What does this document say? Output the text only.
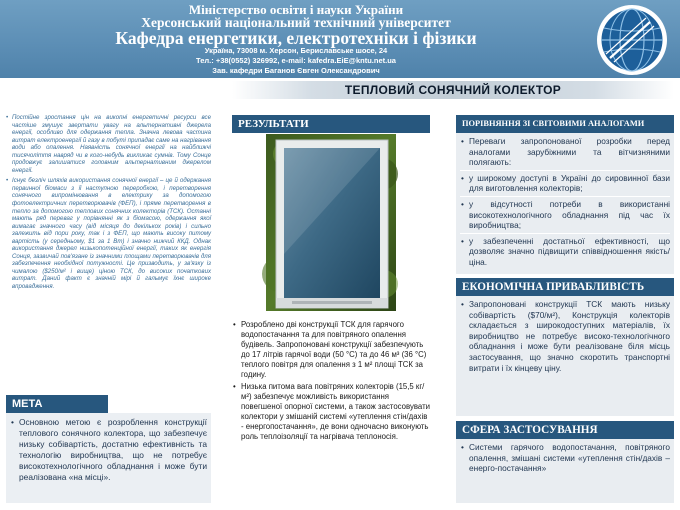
Міністерство освіти і науки України
Херсонський національний технічний університет
Кафедра енергетики, електротехніки і фізики
Україна, 73008 м. Херсон, Бериславське шосе, 24
Тел.: +38(0552) 326992, e-mail: kafedra.EiE@kntu.net.ua
Зав. кафедри Баганов Євген Олександрович
ТЕПЛОВИЙ СОНЯЧНИЙ КОЛЕКТОР
• Постійне зростання цін на викопні енергетичні ресурси все частіше змушує звертати увагу на альтернативні джерела енергії, особливо для одержання тепла. Значна левова частина витрат електроенергії й газу в побуті припадає саме на нагрівання води або опалення. Наявність сонячної енергії на найближчі тисячоліття навряд чи в кого-небудь викликає сумнів. Тому Сонце продовжує залишатися головним альтернативним джерелом енергії.
• Існує безліч шляхів використання сонячної енергії – це й одержання первинної біомаси з її наступною переробкою, і перетворення сонячного випромінювання в електрику за допомогою фотоелектричних перетворювачів (ФЕП), і пряме перетворення в тепло за допомогою теплових сонячних колекторів (ТСК). Останні мають ряд переваг у порівнянні як з біомасою, одержання якої вимагає значного часу (від місяця до декількох років) і сильно залежить від пори року, так і з ФЕП, що мають високу питому вартість (у середньому, $1 за 1 Вт) і значно нижчий ККД. Однак використання джерел низькопотенційної енергії, таких як енергія Сонця, зазвичай пов'язане із значними площами перетворювачів для забезпечення необхідної потужності. Це призводить, у зв'язку із чималою ($250/м² і вище) ціною ТСК, до високих початкових витрат. Даний факт є значній мірі й гальмує їхнє широке впровадження.
МЕТА
• Основною метою є розроблення конструкції теплового сонячного колектора, що забезпечує низьку собівартість, достатню ефективність та технологію виробництва, що не потребує високотехнологічного обладнання і може бути реалізована «на місці».
РЕЗУЛЬТАТИ
• Розроблено дві конструкції ТСК для гарячого водопостачання та для повітряного опалення будівель. Запропоновані конструкції забезпечують до 17 літрів гарячої води (50 °С) та до 46 м³ (36 °С) теплого повітря для опалення з 1 м² площі ТСК за годину.
• Низька питома вага повітряних колекторів (15,5 кг/м²) забезпечує можливість використання повегшеної опорної системи, а також застосовувати колектори у змішаній системі «утеплення стін/дахів - енергопостачання», де вони одночасно виконують роль теплоізоляції та нагрівача теплоносія.
ПОРІВНЯННЯ ЗІ СВІТОВИМИ АНАЛОГАМИ
• Переваги запропонованої розробки перед аналогами зарубіжними та вітчизняними полягають:
• у широкому доступі в Україні до сировинної бази для виготовлення колекторів;
• у відсутності потреби в використанні високотехнологічного обладнання під час їх виробництва;
• у забезпеченні достатньої ефективності, що дозволяє значно підвищити співвідношення якість/ціна.
ЕКОНОМІЧНА ПРИВАБЛИВІСТЬ
• Запропоновані конструкції ТСК мають низьку собівартість ($70/м²), Конструкція колекторів складається з широкодоступних матеріалів, їх виробництво не потребує високо-технологічного обладнання і може бути реалізоване біля місць застосування, що значно скоротить транспортні витрати і їх кінцеву ціну.
СФЕРА ЗАСТОСУВАННЯ
• Системи гарячого водопостачання, повітряного опалення, змішані системи «утеплення стін/дахів – енерго-постачання»
